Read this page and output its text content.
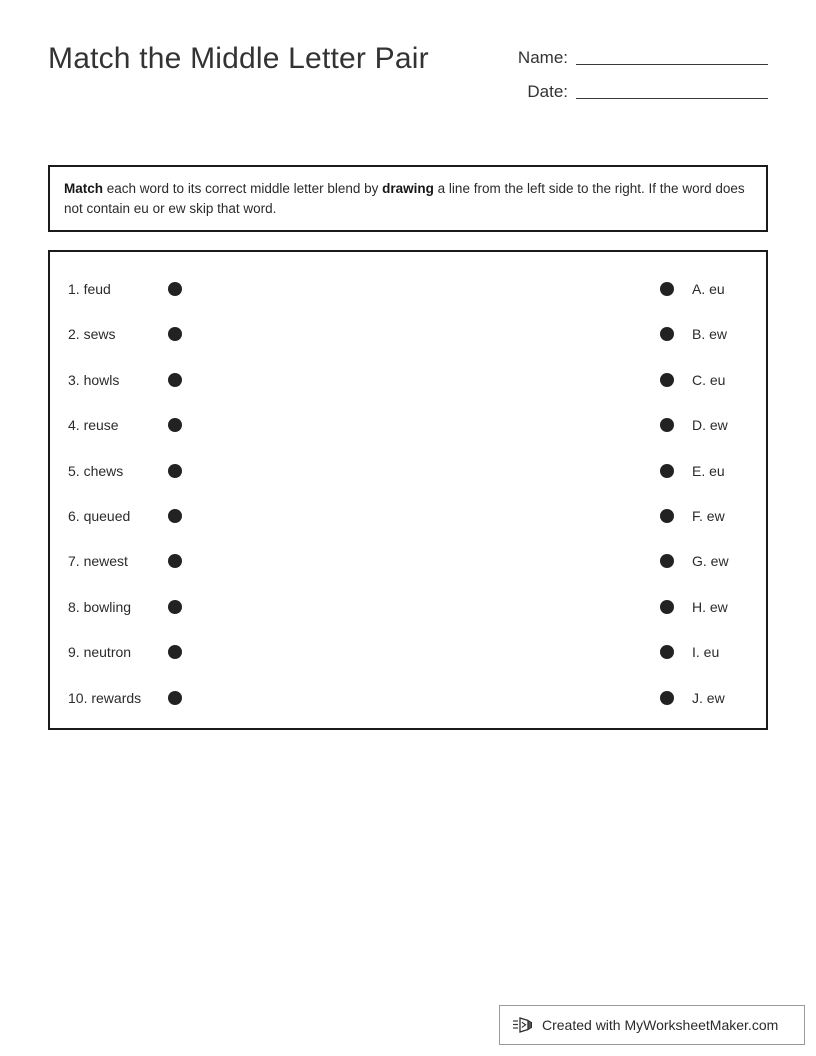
Match the Middle Letter Pair	Name:
Date:
Match each word to its correct middle letter blend by drawing a line from the left side to the right. If the word does not contain eu or ew skip that word.
1. feud	A. eu
2. sews	B. ew
3. howls	C. eu
4. reuse	D. ew
5. chews	E. eu
6. queued	F. ew
7. newest	G. ew
8. bowling	H. ew
9. neutron	I. eu
10. rewards	J. ew
Created with MyWorksheetMaker.com
